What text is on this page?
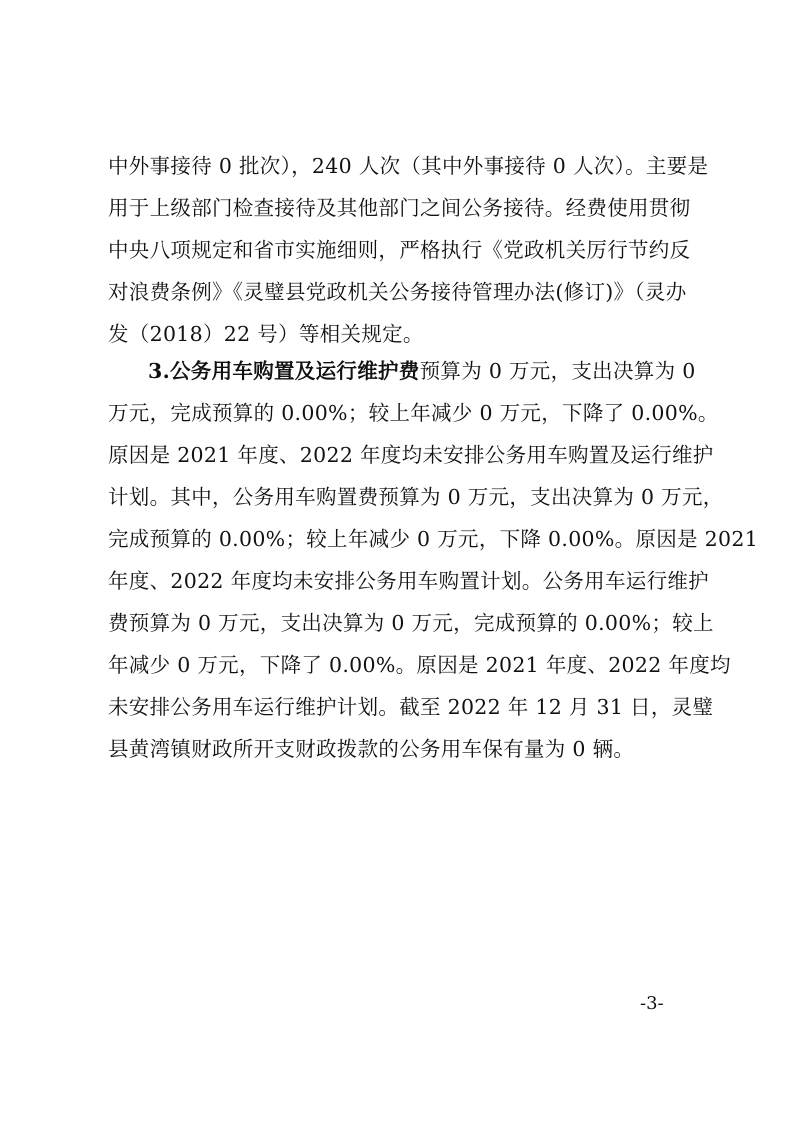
中外事接待 0 批次），240 人次（其中外事接待 0 人次）。主要是
用于上级部门检查接待及其他部门之间公务接待。经费使用贯彻
中央八项规定和省市实施细则，严格执行《党政机关厉行节约反
对浪费条例》《灵璧县党政机关公务接待管理办法(修订)》（灵办
发（2018）22 号）等相关规定。
3.公务用车购置及运行维护费预算为 0 万元，支出决算为 0
万元，完成预算的 0.00%；较上年减少 0 万元，下降了 0.00%。
原因是 2021 年度、2022 年度均未安排公务用车购置及运行维护
计划。其中，公务用车购置费预算为 0 万元，支出决算为 0 万元，
完成预算的 0.00%；较上年减少 0 万元，下降 0.00%。原因是 2021
年度、2022 年度均未安排公务用车购置计划。公务用车运行维护
费预算为 0 万元，支出决算为 0 万元，完成预算的 0.00%；较上
年减少 0 万元，下降了 0.00%。原因是 2021 年度、2022 年度均
未安排公务用车运行维护计划。截至 2022 年 12 月 31 日，灵璧
县黄湾镇财政所开支财政拨款的公务用车保有量为 0 辆。
-3-
